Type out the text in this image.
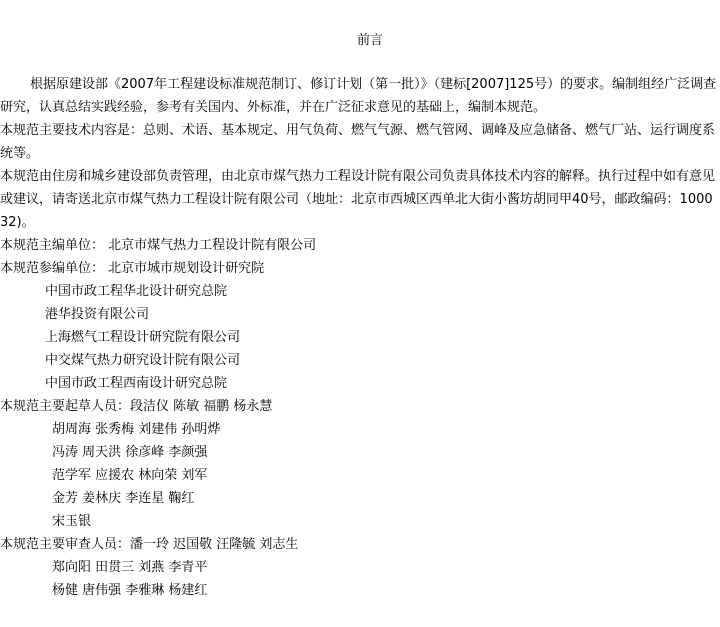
前言
根据原建设部《2007年工程建设标准规范制订、修订计划（第一批）》（建标[2007]125号）的要求。编制组经广泛调查研究，认真总结实践经验，参考有关国内、外标准，并在广泛征求意见的基础上，编制本规范。
本规范主要技术内容是：总则、术语、基本规定、用气负荷、燃气气源、燃气管网、调峰及应急储备、燃气厂站、运行调度系统等。
本规范由住房和城乡建设部负责管理，由北京市煤气热力工程设计院有限公司负责具体技术内容的解释。执行过程中如有意见或建议，请寄送北京市煤气热力工程设计院有限公司（地址：北京市西城区西单北大街小酱坊胡同甲40号，邮政编码：100032)。
本规范主编单位： 北京市煤气热力工程设计院有限公司
本规范参编单位： 北京市城市规划设计研究院
中国市政工程华北设计研究总院
港华投资有限公司
上海燃气工程设计研究院有限公司
中交煤气热力研究设计院有限公司
中国市政工程西南设计研究总院
本规范主要起草人员：段洁仪 陈敏 福鹏 杨永慧
胡周海 张秀梅 刘建伟 孙明烨
冯涛 周天洪 徐彦峰 李颜强
范学军 应援农 林向荣 刘军
金芳 姜林庆 李连星 鞠红
宋玉银
本规范主要审查人员：潘一玲 迟国敬 汪隆毓 刘志生
郑向阳 田贯三 刘燕 李青平
杨健 唐伟强 李雅琳 杨建红
